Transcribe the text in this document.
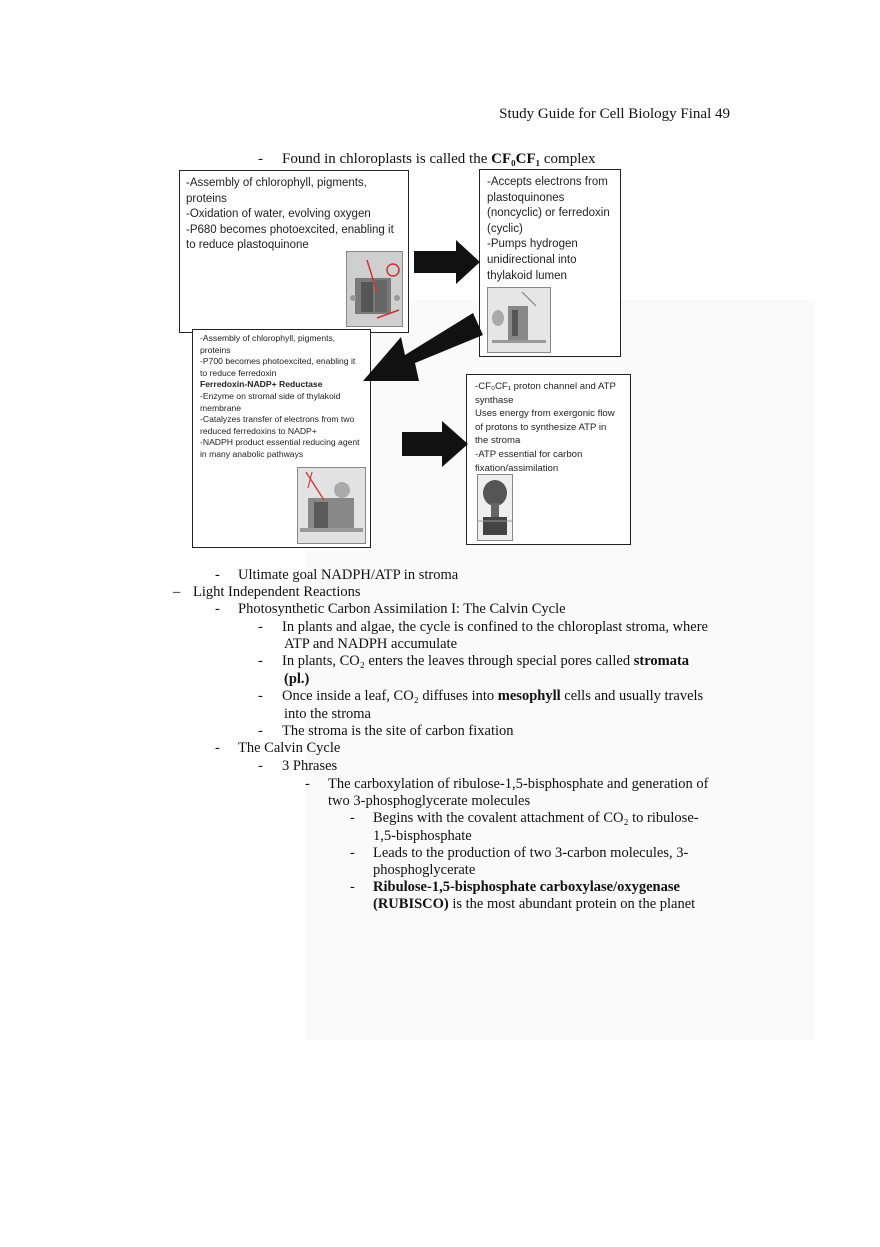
Study Guide for Cell Biology Final 49
- Found in chloroplasts is called the CF₀CF₁ complex

-Assembly of chlorophyll, pigments, proteins

-Oxidation of water, evolving oxygen

-P680 becomes photoexcited, enabling it to reduce plastoquinone

-Accepts electrons from plastoquinones (noncyclic) or ferredoxin (cyclic)

-Pumps hydrogen unidirectional into thylakoid lumen

-Assembly of chlorophyll, pigments, proteins

-P700 becomes photoexcited, enabling it to reduce ferredoxin

Ferredoxin-NADP+ Reductase

-Enzyme on stromal side of thylakoid membrane

-Catalyzes transfer of electrons from two reduced ferredoxins to NADP+

-NADPH product essential reducing agent in many anabolic pathways

-CF₀CF₁ proton channel and ATP synthase

Uses energy from exergonic flow of protons to synthesize ATP in the stroma

-ATP essential for carbon fixation/assimilation

- Ultimate goal NADPH/ATP in stroma
– Light Independent Reactions
- Photosynthetic Carbon Assimilation I: The Calvin Cycle
- In plants and algae, the cycle is confined to the chloroplast stroma, where
ATP and NADPH accumulate
- In plants, CO₂ enters the leaves through special pores called stromata
(pl.)
- Once inside a leaf, CO₂ diffuses into mesophyll cells and usually travels
into the stroma
- The stroma is the site of carbon fixation
- The Calvin Cycle
- 3 Phrases
- The carboxylation of ribulose-1,5-bisphosphate and generation of
two 3-phosphoglycerate molecules
- Begins with the covalent attachment of CO₂ to ribulose-
1,5-bisphosphate
- Leads to the production of two 3-carbon molecules, 3-
phosphoglycerate
- Ribulose-1,5-bisphosphate carboxylase/oxygenase
(RUBISCO) is the most abundant protein on the planet
